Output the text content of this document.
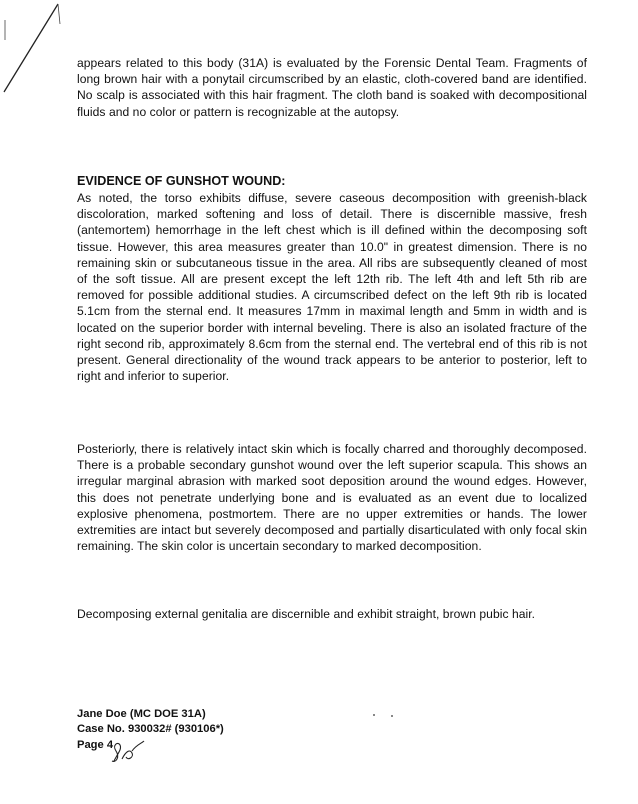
appears related to this body (31A) is evaluated by the Forensic Dental Team. Fragments of long brown hair with a ponytail circumscribed by an elastic, cloth-covered band are identified. No scalp is associated with this hair fragment. The cloth band is soaked with decompositional fluids and no color or pattern is recognizable at the autopsy.

EVIDENCE OF GUNSHOT WOUND:

As noted, the torso exhibits diffuse, severe caseous decomposition with greenish-black discoloration, marked softening and loss of detail. There is discernible massive, fresh (antemortem) hemorrhage in the left chest which is ill defined within the decomposing soft tissue. However, this area measures greater than 10.0" in greatest dimension. There is no remaining skin or subcutaneous tissue in the area. All ribs are subsequently cleaned of most of the soft tissue. All are present except the left 12th rib. The left 4th and left 5th rib are removed for possible additional studies. A circumscribed defect on the left 9th rib is located 5.1cm from the sternal end. It measures 17mm in maximal length and 5mm in width and is located on the superior border with internal beveling. There is also an isolated fracture of the right second rib, approximately 8.6cm from the sternal end. The vertebral end of this rib is not present. General directionality of the wound track appears to be anterior to posterior, left to right and inferior to superior.

Posteriorly, there is relatively intact skin which is focally charred and thoroughly decomposed. There is a probable secondary gunshot wound over the left superior scapula. This shows an irregular marginal abrasion with marked soot deposition around the wound edges. However, this does not penetrate underlying bone and is evaluated as an event due to localized explosive phenomena, postmortem. There are no upper extremities or hands. The lower extremities are intact but severely decomposed and partially disarticulated with only focal skin remaining. The skin color is uncertain secondary to marked decomposition.

Decomposing external genitalia are discernible and exhibit straight, brown pubic hair.

Jane Doe (MC DOE 31A)
Case No. 930032# (930106*)
Page 4
